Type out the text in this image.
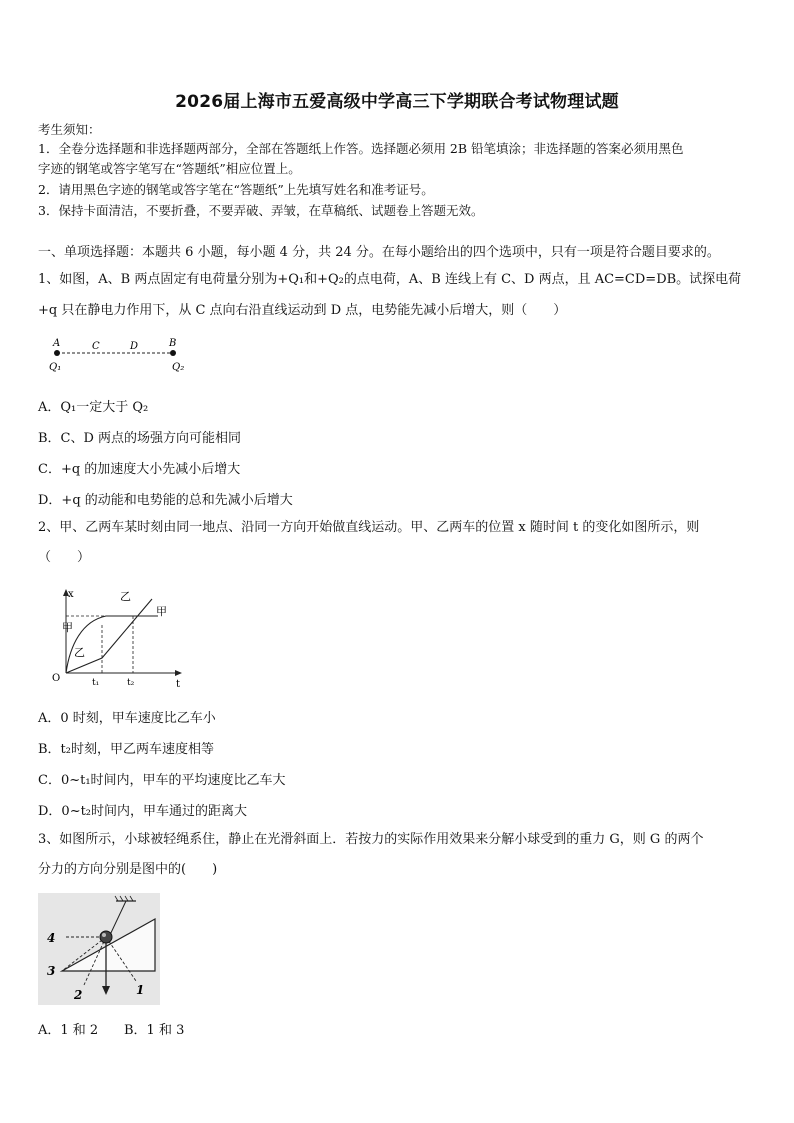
2026届上海市五爱高级中学高三下学期联合考试物理试题
考生须知：
1．全卷分选择题和非选择题两部分，全部在答题纸上作答。选择题必须用 2B 铅笔填涂；非选择题的答案必须用黑色
字迹的钢笔或答字笔写在“答题纸”相应位置上。
2．请用黑色字迹的钢笔或答字笔在“答题纸”上先填写姓名和准考证号。
3．保持卡面清洁，不要折叠，不要弄破、弄皱，在草稿纸、试题卷上答题无效。
一、单项选择题：本题共 6 小题，每小题 4 分，共 24 分。在每小题给出的四个选项中，只有一项是符合题目要求的。
1、如图，A、B 两点固定有电荷量分别为+Q₁和+Q₂的点电荷，A、B 连线上有 C、D 两点，且 AC=CD=DB。试探电荷
+q 只在静电力作用下，从 C 点向右沿直线运动到 D 点，电势能先减小后增大，则（　　）
A	C	D	B
Q₁	Q₂
A．Q₁一定大于 Q₂
B．C、D 两点的场强方向可能相同
C．+q 的加速度大小先减小后增大
D．+q 的动能和电势能的总和先减小后增大
2、甲、乙两车某时刻由同一地点、沿同一方向开始做直线运动。甲、乙两车的位置 x 随时间 t 的变化如图所示，则
（　　）
x
t
O	t₁	t₂
甲
甲
乙
乙
A．0 时刻，甲车速度比乙车小
B．t₂时刻，甲乙两车速度相等
C．0~t₁时间内，甲车的平均速度比乙车大
D．0~t₂时间内，甲车通过的距离大
3、如图所示，小球被轻绳系住，静止在光滑斜面上．若按力的实际作用效果来分解小球受到的重力 G，则 G 的两个
分力的方向分别是图中的(　　)
4
3
2	1
A．1 和 2 B．1 和 3
